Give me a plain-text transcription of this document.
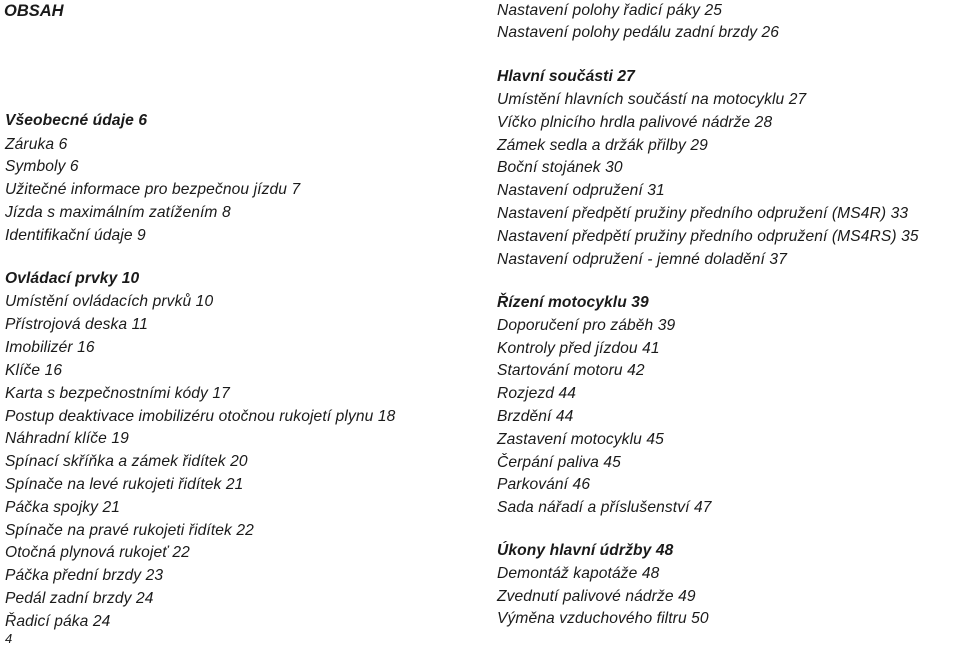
OBSAH
Všeobecné údaje 6
Záruka 6
Symboly 6
Užitečné informace pro bezpečnou jízdu 7
Jízda s maximálním zatížením 8
Identifikační údaje 9
Ovládací prvky 10
Umístění ovládacích prvků 10
Přístrojová deska 11
Imobilizér 16
Klíče 16
Karta s bezpečnostními kódy 17
Postup deaktivace imobilizéru otočnou rukojetí plynu 18
Náhradní klíče 19
Spínací skříňka a zámek řidítek 20
Spínače na levé rukojeti řidítek 21
Páčka spojky 21
Spínače na pravé rukojeti řidítek 22
Otočná plynová rukojeť 22
Páčka přední brzdy 23
Pedál zadní brzdy 24
Řadicí páka 24
Nastavení polohy řadicí páky 25
Nastavení polohy pedálu zadní brzdy 26
Hlavní součásti 27
Umístění hlavních součástí na motocyklu 27
Víčko plnicího hrdla palivové nádrže 28
Zámek sedla a držák přilby 29
Boční stojánek 30
Nastavení odpružení 31
Nastavení předpětí pružiny předního odpružení (MS4R) 33
Nastavení předpětí pružiny předního odpružení (MS4RS) 35
Nastavení odpružení - jemné doladění 37
Řízení motocyklu 39
Doporučení pro záběh 39
Kontroly před jízdou 41
Startování motoru 42
Rozjezd 44
Brzdění 44
Zastavení motocyklu 45
Čerpání paliva 45
Parkování 46
Sada nářadí a příslušenství 47
Úkony hlavní údržby 48
Demontáž kapotáže 48
Zvednutí palivové nádrže 49
Výměna vzduchového filtru 50
4
